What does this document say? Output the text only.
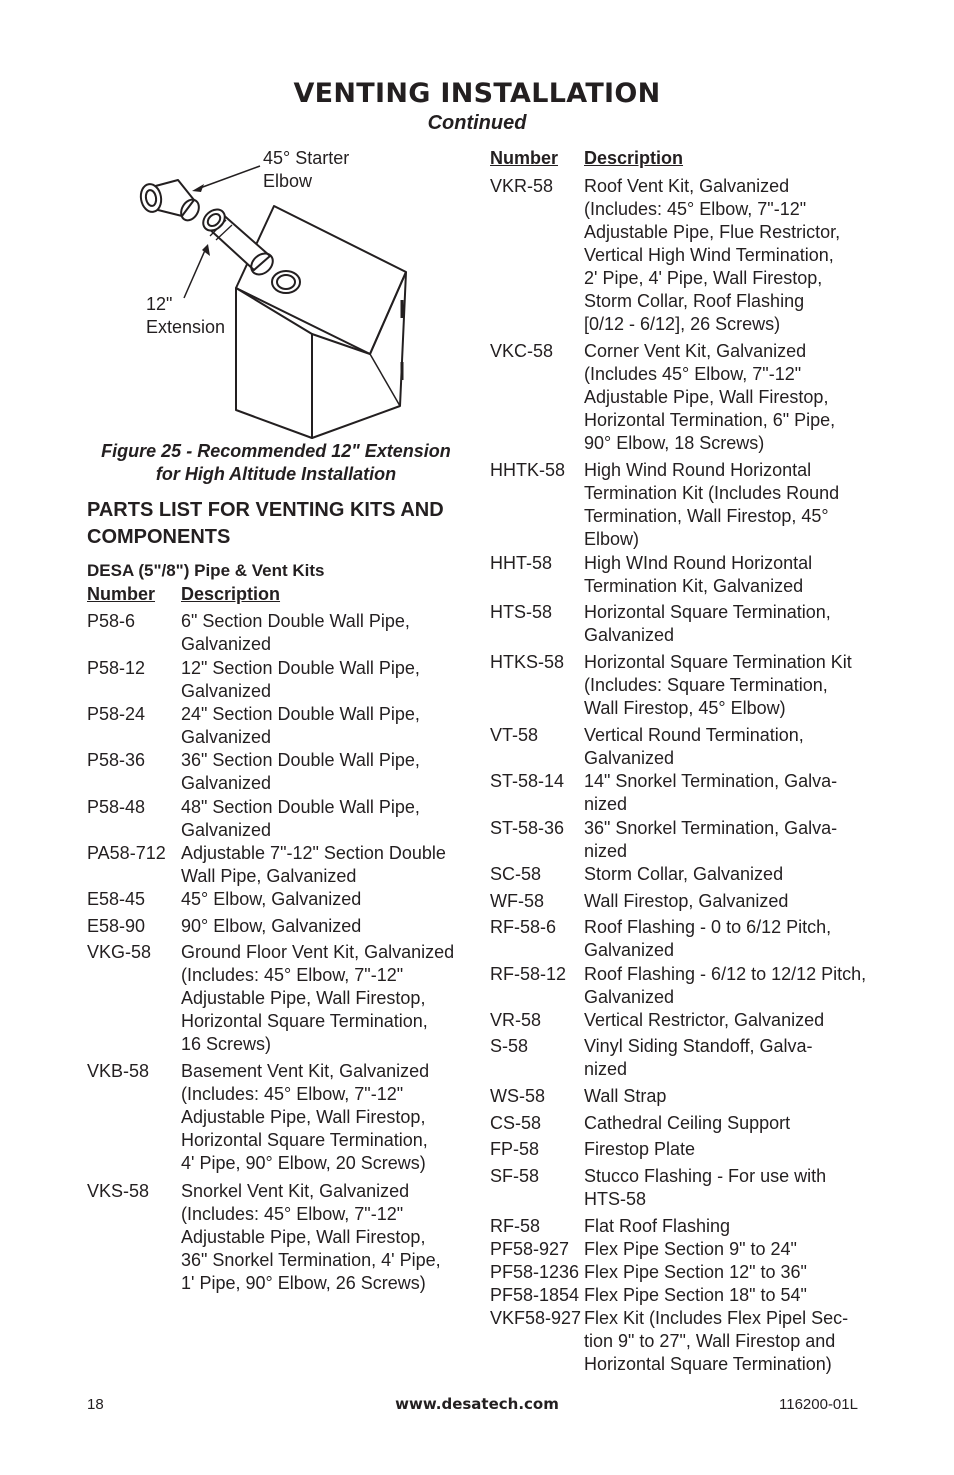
VENTING INSTALLATION
Continued
45° Starter
Elbow
12"
Extension
Figure 25 - Recommended 12" Extension
for High Altitude Installation
PARTS LIST FOR VENTING KITS AND COMPONENTS
DESA (5"/8") Pipe & Vent Kits
Number Description
P58-6	6" Section Double Wall Pipe,
Galvanized
P58-12 12" Section Double Wall Pipe,
Galvanized
P58-24 24" Section Double Wall Pipe,
Galvanized
P58-36 36" Section Double Wall Pipe,
Galvanized
P58-48 48" Section Double Wall Pipe,
Galvanized
PA58-712 Adjustable 7"-12" Section Double
Wall Pipe, Galvanized
E58-45 45° Elbow, Galvanized
E58-90 90° Elbow, Galvanized
VKG-58 Ground Floor Vent Kit, Galvanized
(Includes: 45° Elbow, 7"-12"
Adjustable Pipe, Wall Firestop,
Horizontal Square Termination,
16 Screws)
VKB-58 Basement Vent Kit, Galvanized
(Includes: 45° Elbow, 7"-12"
Adjustable Pipe, Wall Firestop,
Horizontal Square Termination,
4' Pipe, 90° Elbow, 20 Screws)
VKS-58 Snorkel Vent Kit, Galvanized
(Includes: 45° Elbow, 7"-12"
Adjustable Pipe, Wall Firestop,
36" Snorkel Termination, 4' Pipe,
1' Pipe, 90° Elbow, 26 Screws)
Number Description
VKR-58 Roof Vent Kit, Galvanized
(Includes: 45° Elbow, 7"-12"
Adjustable Pipe, Flue Restrictor,
Vertical High Wind Termination,
2' Pipe, 4' Pipe, Wall Firestop,
Storm Collar, Roof Flashing
[0/12 - 6/12], 26 Screws)
VKC-58 Corner Vent Kit, Galvanized
(Includes 45° Elbow, 7"-12"
Adjustable Pipe, Wall Firestop,
Horizontal Termination, 6" Pipe,
90° Elbow, 18 Screws)
HHTK-58 High Wind Round Horizontal
Termination Kit (Includes Round
Termination, Wall Firestop, 45°
Elbow)
HHT-58 High WInd Round Horizontal
Termination Kit, Galvanized
HTS-58 Horizontal Square Termination,
Galvanized
HTKS-58 Horizontal Square Termination Kit
(Includes: Square Termination,
Wall Firestop, 45° Elbow)
VT-58	Vertical Round Termination,
Galvanized
ST-58-14 14" Snorkel Termination, Galva-
nized
ST-58-36 36" Snorkel Termination, Galva-
nized
SC-58 Storm Collar, Galvanized
WF-58 Wall Firestop, Galvanized
RF-58-6 Roof Flashing - 0 to 6/12 Pitch,
Galvanized
RF-58-12 Roof Flashing - 6/12 to 12/12 Pitch,
Galvanized
VR-58 Vertical Restrictor, Galvanized
S-58	Vinyl Siding Standoff, Galva-
nized
WS-58 Wall Strap
CS-58 Cathedral Ceiling Support
FP-58 Firestop Plate
SF-58 Stucco Flashing - For use with
HTS-58
RF-58 Flat Roof Flashing
PF58-927 Flex Pipe Section 9" to 24"
PF58-1236 Flex Pipe Section 12" to 36"
PF58-1854 Flex Pipe Section 18" to 54"
VKF58-927 Flex Kit (Includes Flex Pipel Sec-
tion 9" to 27", Wall Firestop and
Horizontal Square Termination)
18	www.desatech.com	116200-01L
